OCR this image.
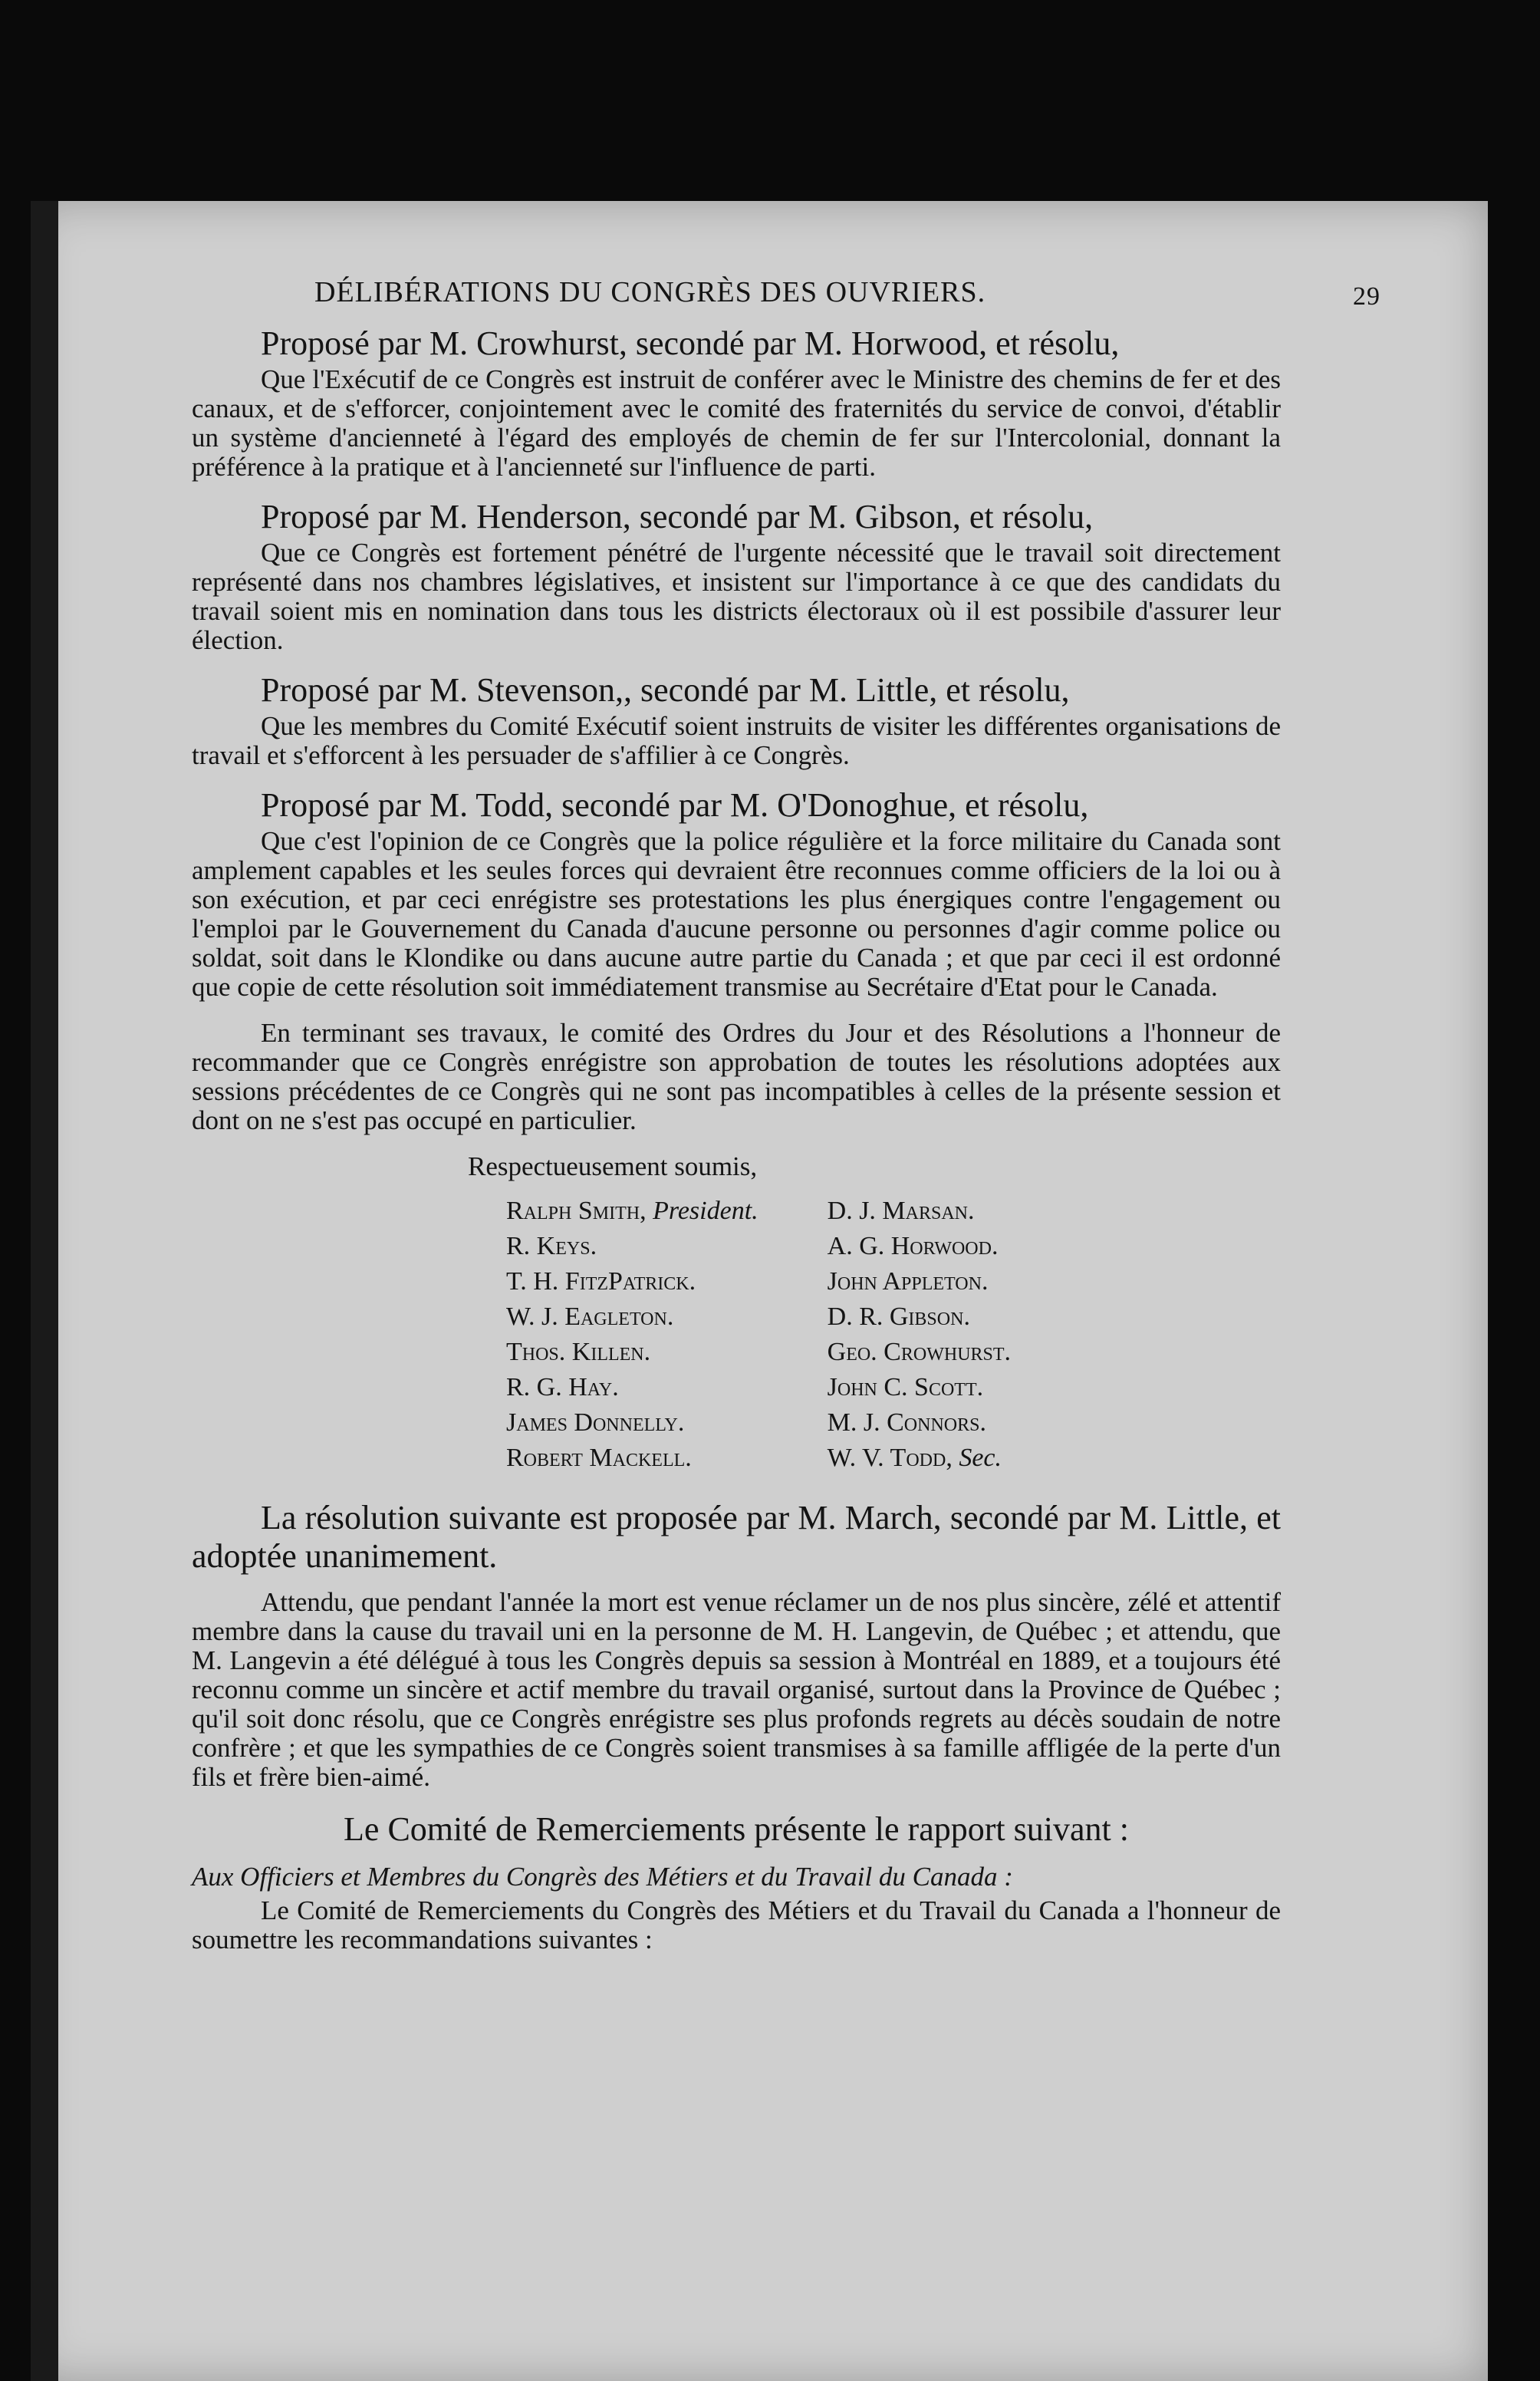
DÉLIBÉRATIONS DU CONGRÈS DES OUVRIERS.	29
Proposé par M. Crowhurst, secondé par M. Horwood, et résolu,

Que l'Exécutif de ce Congrès est instruit de conférer avec le Ministre des chemins de fer et des canaux, et de s'efforcer, conjointement avec le comité des fraternités du service de convoi, d'établir un système d'ancienneté à l'égard des employés de chemin de fer sur l'Intercolonial, donnant la préférence à la pratique et à l'ancienneté sur l'influence de parti.

Proposé par M. Henderson, secondé par M. Gibson, et résolu,

Que ce Congrès est fortement pénétré de l'urgente nécessité que le travail soit directement représenté dans nos chambres législatives, et insistent sur l'importance à ce que des candidats du travail soient mis en nomination dans tous les districts électoraux où il est possibile d'assurer leur élection.

Proposé par M. Stevenson,, secondé par M. Little, et résolu,

Que les membres du Comité Exécutif soient instruits de visiter les différentes organisations de travail et s'efforcent à les persuader de s'affilier à ce Congrès.

Proposé par M. Todd, secondé par M. O'Donoghue, et résolu,

Que c'est l'opinion de ce Congrès que la police régulière et la force militaire du Canada sont amplement capables et les seules forces qui devraient être reconnues comme officiers de la loi ou à son exécution, et par ceci enrégistre ses protestations les plus énergiques contre l'engagement ou l'emploi par le Gouvernement du Canada d'aucune personne ou personnes d'agir comme police ou soldat, soit dans le Klondike ou dans aucune autre partie du Canada ; et que par ceci il est ordonné que copie de cette résolution soit immédiatement transmise au Secrétaire d'Etat pour le Canada.

En terminant ses travaux, le comité des Ordres du Jour et des Résolutions a l'honneur de recommander que ce Congrès enrégistre son approbation de toutes les résolutions adoptées aux sessions précédentes de ce Congrès qui ne sont pas incompatibles à celles de la présente session et dont on ne s'est pas occupé en particulier.

Respectueusement soumis,
Ralph Smith, President.
R. Keys.
T. H. FitzPatrick.
W. J. Eagleton.
Thos. Killen.
R. G. Hay.
James Donnelly.
Robert Mackell.
D. J. Marsan.
A. G. Horwood.
John Appleton.
D. R. Gibson.
Geo. Crowhurst.
John C. Scott.
M. J. Connors.
W. V. Todd, Sec.

La résolution suivante est proposée par M. March, secondé par M. Little, et adoptée unanimement.

Attendu, que pendant l'année la mort est venue réclamer un de nos plus sincère, zélé et attentif membre dans la cause du travail uni en la personne de M. H. Langevin, de Québec ; et attendu, que M. Langevin a été délégué à tous les Congrès depuis sa session à Montréal en 1889, et a toujours été reconnu comme un sincère et actif membre du travail organisé, surtout dans la Province de Québec ; qu'il soit donc résolu, que ce Congrès enrégistre ses plus profonds regrets au décès soudain de notre confrère ; et que les sympathies de ce Congrès soient transmises à sa famille affligée de la perte d'un fils et frère bien-aimé.

Le Comité de Remerciements présente le rapport suivant :
Aux Officiers et Membres du Congrès des Métiers et du Travail du Canada :

Le Comité de Remerciements du Congrès des Métiers et du Travail du Canada a l'honneur de soumettre les recommandations suivantes :
